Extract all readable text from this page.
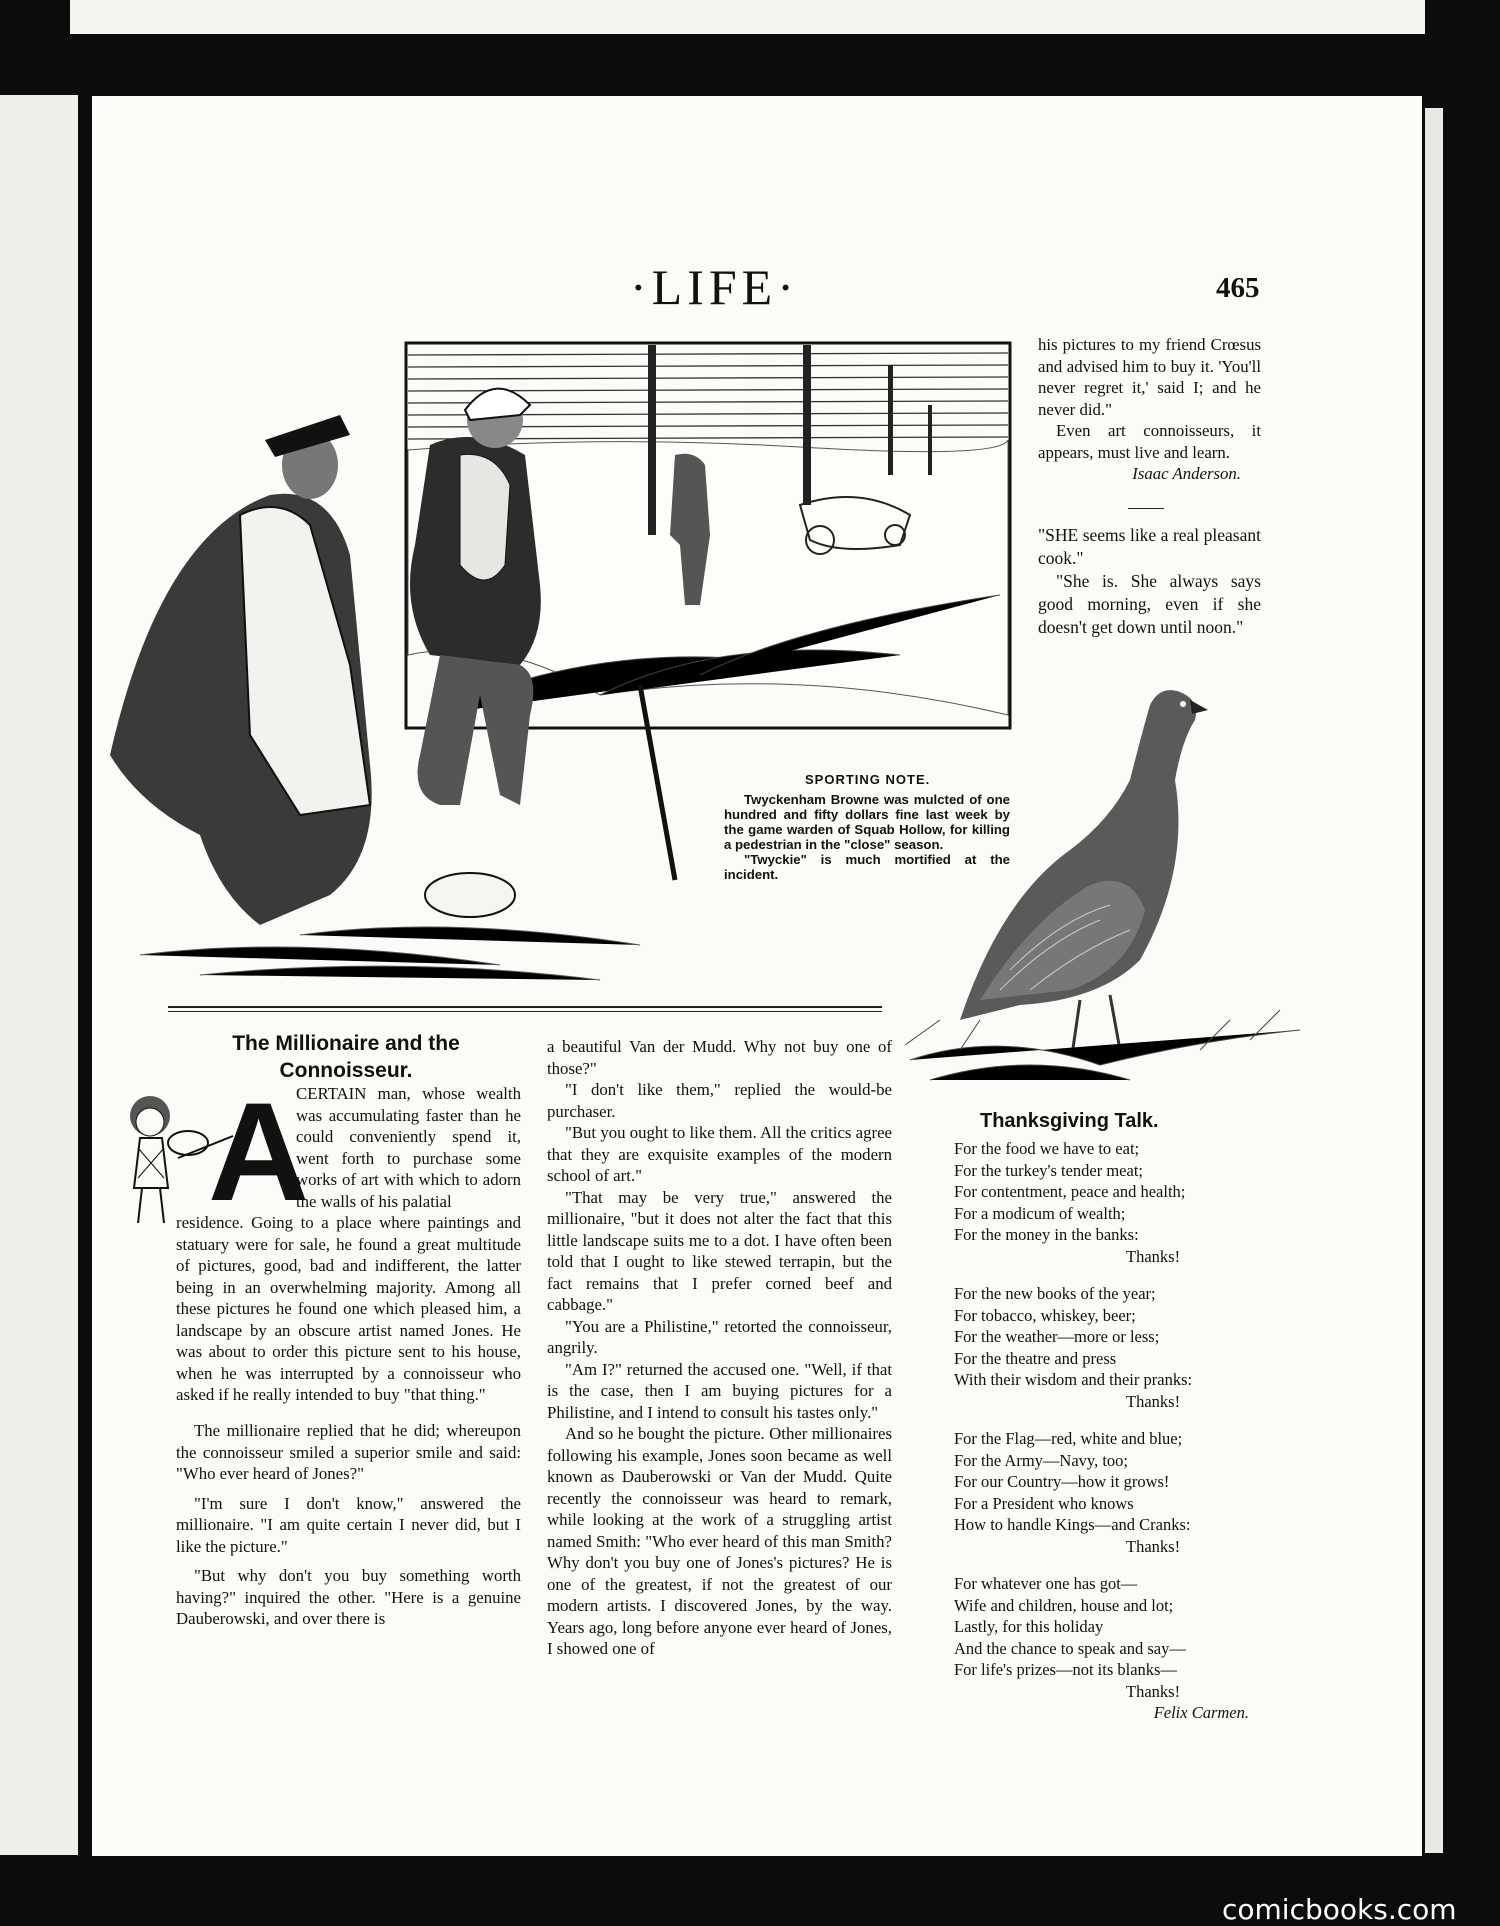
·LIFE·	465
SPORTING NOTE.

Twyckenham Browne was mulcted of one hundred and fifty dollars fine last week by the game warden of Squab Hollow, for killing a pedestrian in the "close" season.

"Twyckie" is much mortified at the incident.

his pictures to my friend Crœsus and advised him to buy it. 'You'll never regret it,' said I; and he never did."

Even art connoisseurs, it appears, must live and learn.

Isaac Anderson.

"SHE seems like a real pleasant cook."

"She is. She always says good morning, even if she doesn't get down until noon."

The Millionaire and the Connoisseur.
A

CERTAIN man, whose wealth was accumulating faster than he could conveniently spend it, went forth to purchase some works of art with which to adorn the walls of his palatial
residence. Going to a place where paintings and statuary were for sale, he found a great multitude of pictures, good, bad and indifferent, the latter being in an overwhelming majority. Among all these pictures he found one which pleased him, a landscape by an obscure artist named Jones. He was about to order this picture sent to his house, when he was interrupted by a connoisseur who asked if he really intended to buy "that thing."

The millionaire replied that he did; whereupon the connoisseur smiled a superior smile and said: "Who ever heard of Jones?"

"I'm sure I don't know," answered the millionaire. "I am quite certain I never did, but I like the picture."

"But why don't you buy something worth having?" inquired the other. "Here is a genuine Dauberowski, and over there is

a beautiful Van der Mudd. Why not buy one of those?"

"I don't like them," replied the would-be purchaser.

"But you ought to like them. All the critics agree that they are exquisite examples of the modern school of art."

"That may be very true," answered the millionaire, "but it does not alter the fact that this little landscape suits me to a dot. I have often been told that I ought to like stewed terrapin, but the fact remains that I prefer corned beef and cabbage."

"You are a Philistine," retorted the connoisseur, angrily.

"Am I?" returned the accused one. "Well, if that is the case, then I am buying pictures for a Philistine, and I intend to consult his tastes only."

And so he bought the picture. Other millionaires following his example, Jones soon became as well known as Dauberowski or Van der Mudd. Quite recently the connoisseur was heard to remark, while looking at the work of a struggling artist named Smith: "Who ever heard of this man Smith? Why don't you buy one of Jones's pictures? He is one of the greatest, if not the greatest of our modern artists. I discovered Jones, by the way. Years ago, long before anyone ever heard of Jones, I showed one of

Thanksgiving Talk.
For the food we have to eat;
For the turkey's tender meat;
For contentment, peace and health;
For a modicum of wealth;
For the money in the banks:
Thanks!
For the new books of the year;
For tobacco, whiskey, beer;
For the weather—more or less;
For the theatre and press
With their wisdom and their pranks:
Thanks!
For the Flag—red, white and blue;
For the Army—Navy, too;
For our Country—how it grows!
For a President who knows
How to handle Kings—and Cranks:
Thanks!
For whatever one has got—
Wife and children, house and lot;
Lastly, for this holiday
And the chance to speak and say—
For life's prizes—not its blanks—
Thanks!
Felix Carmen.
comicbooks.com
